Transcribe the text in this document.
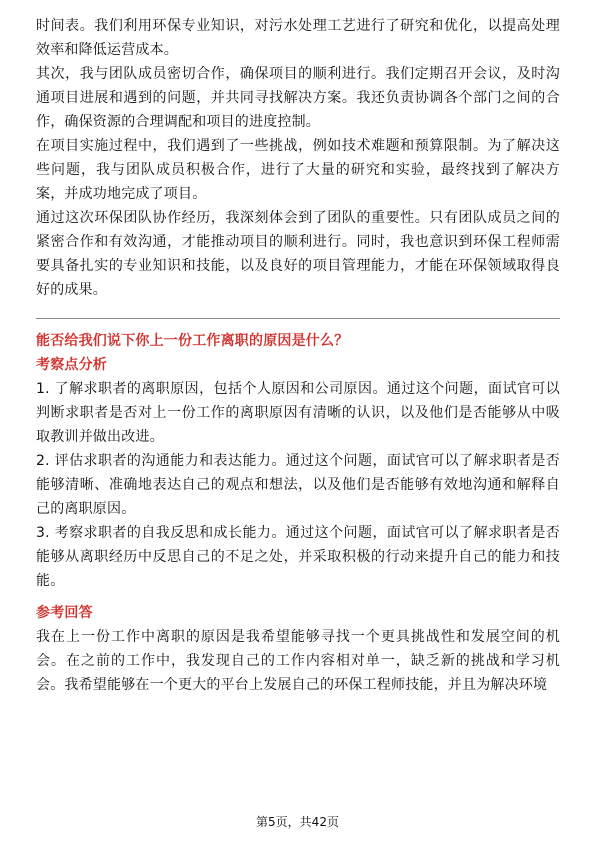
时间表。我们利用环保专业知识，对污水处理工艺进行了研究和优化，以提高处理效率和降低运营成本。

其次，我与团队成员密切合作，确保项目的顺利进行。我们定期召开会议，及时沟通项目进展和遇到的问题，并共同寻找解决方案。我还负责协调各个部门之间的合作，确保资源的合理调配和项目的进度控制。

在项目实施过程中，我们遇到了一些挑战，例如技术难题和预算限制。为了解决这些问题，我与团队成员积极合作，进行了大量的研究和实验，最终找到了解决方案，并成功地完成了项目。

通过这次环保团队协作经历，我深刻体会到了团队的重要性。只有团队成员之间的紧密合作和有效沟通，才能推动项目的顺利进行。同时，我也意识到环保工程师需要具备扎实的专业知识和技能，以及良好的项目管理能力，才能在环保领域取得良好的成果。

能否给我们说下你上一份工作离职的原因是什么？

考察点分析

1. 了解求职者的离职原因，包括个人原因和公司原因。通过这个问题，面试官可以判断求职者是否对上一份工作的离职原因有清晰的认识，以及他们是否能够从中吸取教训并做出改进。

2. 评估求职者的沟通能力和表达能力。通过这个问题，面试官可以了解求职者是否能够清晰、准确地表达自己的观点和想法，以及他们是否能够有效地沟通和解释自己的离职原因。

3. 考察求职者的自我反思和成长能力。通过这个问题，面试官可以了解求职者是否能够从离职经历中反思自己的不足之处，并采取积极的行动来提升自己的能力和技能。

参考回答

我在上一份工作中离职的原因是我希望能够寻找一个更具挑战性和发展空间的机会。在之前的工作中，我发现自己的工作内容相对单一，缺乏新的挑战和学习机会。我希望能够在一个更大的平台上发展自己的环保工程师技能，并且为解决环境

第5页，共42页
